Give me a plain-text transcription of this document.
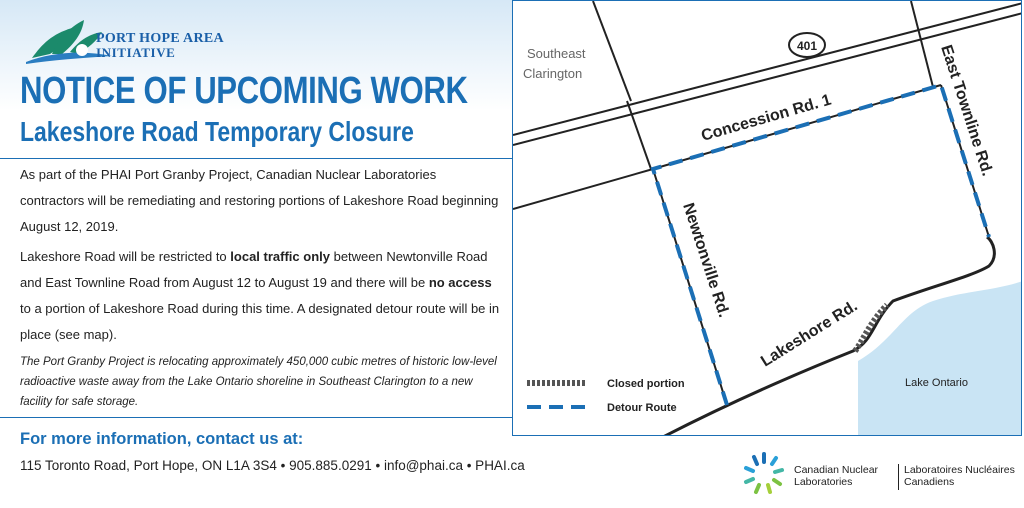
PORT HOPE AREA
INITIATIVE
NOTICE OF UPCOMING WORK
Lakeshore Road Temporary Closure
As part of the PHAI Port Granby Project, Canadian Nuclear Laboratories contractors will be remediating and restoring portions of Lakeshore Road beginning August 12, 2019.
Lakeshore Road will be restricted to local traffic only between Newtonville Road and East Townline Road from August 12 to August 19 and there will be no access to a portion of Lakeshore Road during this time. A designated detour route will be in place (see map).
The Port Granby Project is relocating approximately 450,000 cubic metres of historic low-level radioactive waste away from the Lake Ontario shoreline in Southeast Clarington to a new facility for safe storage.
For more information, contact us at:
115 Toronto Road, Port Hope, ON L1A 3S4 • 905.885.0291 • info@phai.ca • PHAI.ca
401
Southeast
Clarington
Concession Rd. 1	East Townline Rd.
Newtonville Rd.
Lakeshore Rd.
Lake Ontario
Closed portion
Detour Route
Canadian Nuclear
Laboratories
Laboratoires Nucléaires
Canadiens
